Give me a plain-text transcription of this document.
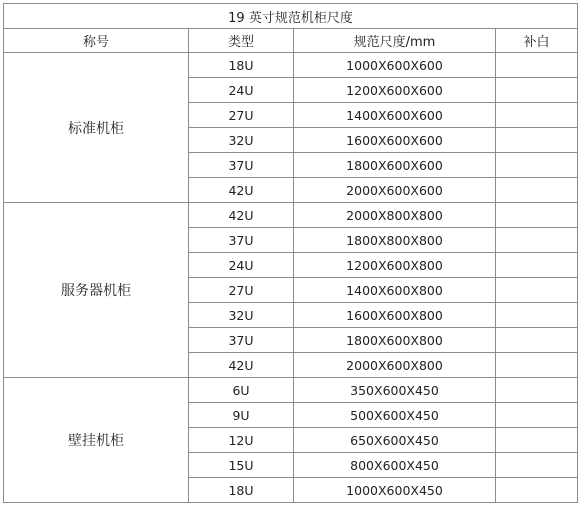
19 英寸规范机柜尺度			
称号	类型	规范尺度/mm	补白
标准机柜	18U	1000X600X600	
	24U	1200X600X600	
	27U	1400X600X600	
	32U	1600X600X600	
	37U	1800X600X600	
	42U	2000X600X600	
服务器机柜	42U	2000X800X800	
	37U	1800X800X800	
	24U	1200X600X800	
	27U	1400X600X800	
	32U	1600X600X800	
	37U	1800X600X800	
	42U	2000X600X800	
壁挂机柜	6U	350X600X450	
	9U	500X600X450	
	12U	650X600X450	
	15U	800X600X450	
	18U	1000X600X450	
